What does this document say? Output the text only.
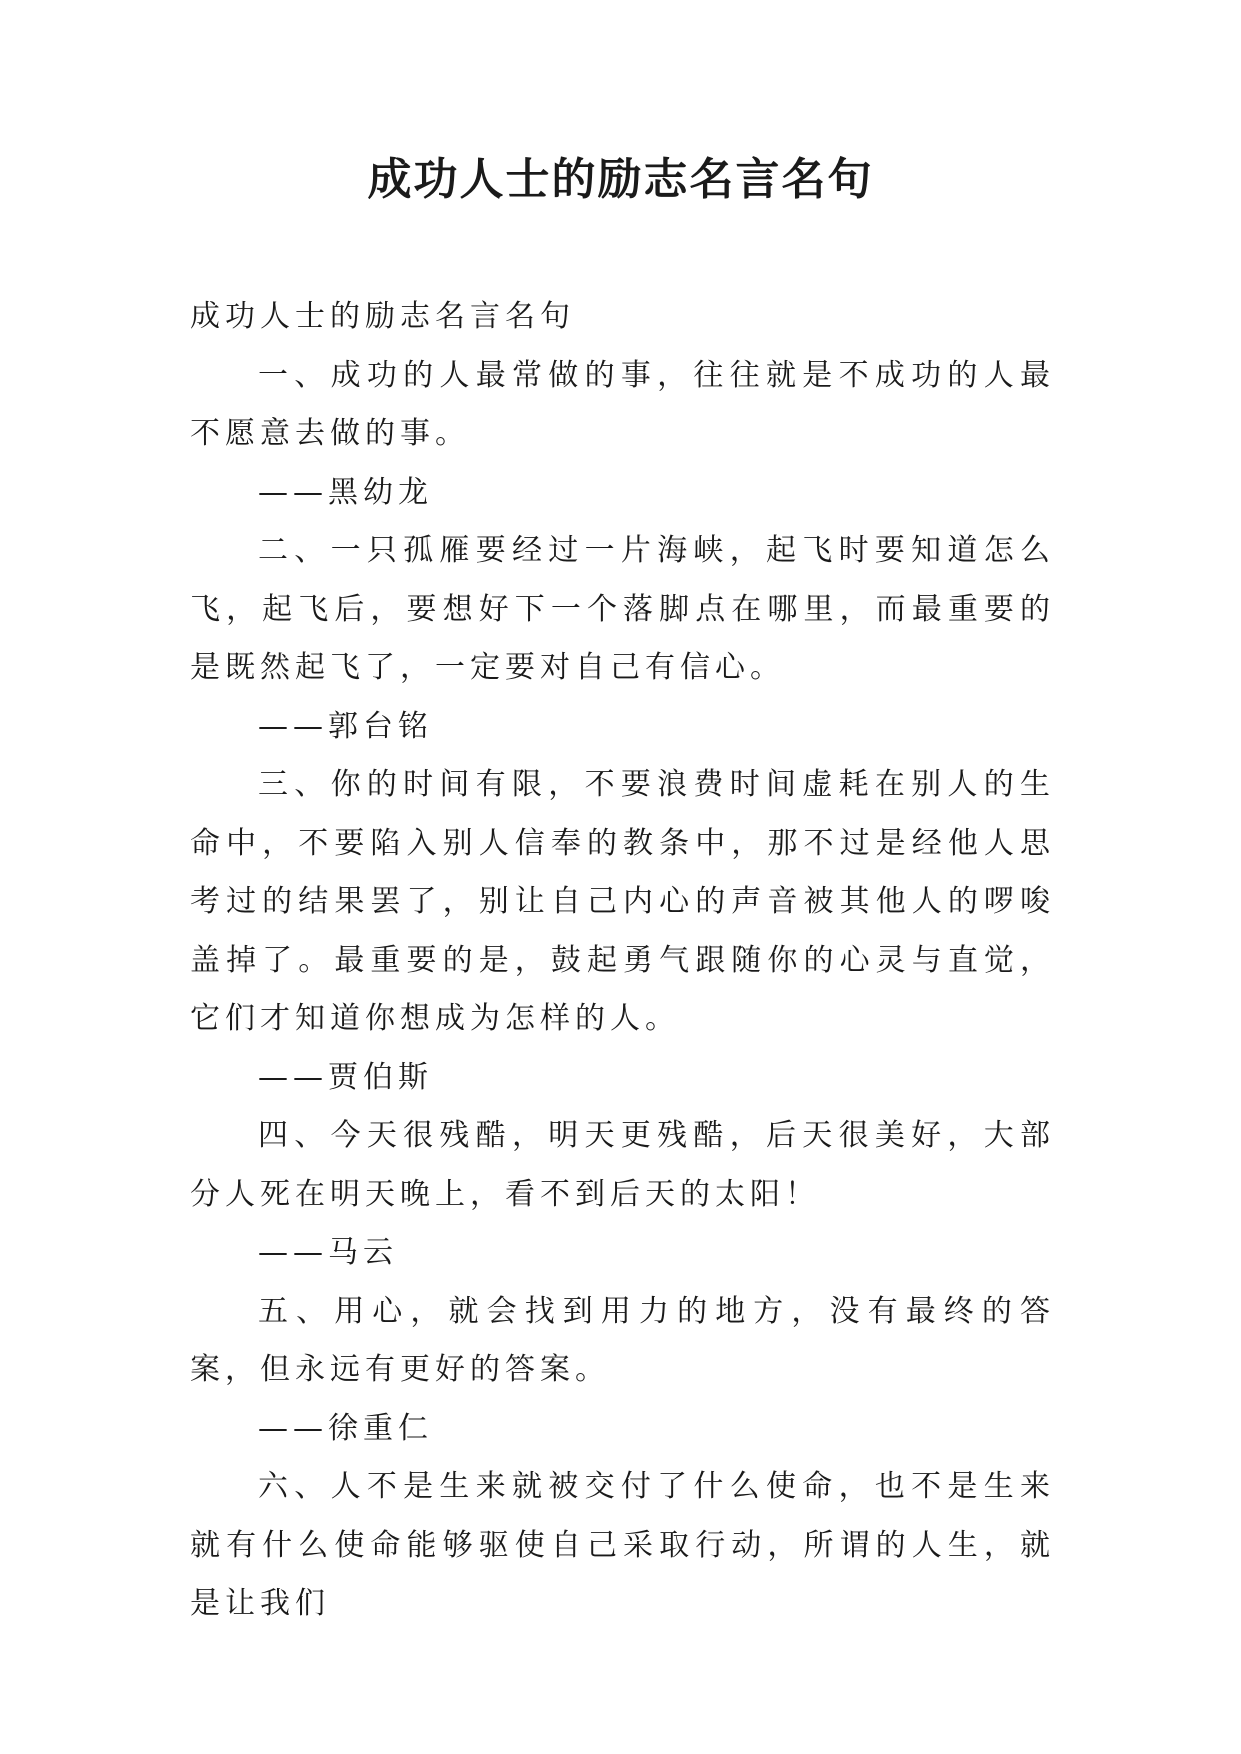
成功人士的励志名言名句

成功人士的励志名言名句

一、成功的人最常做的事，往往就是不成功的人最不愿意去做的事。

——黑幼龙

二、一只孤雁要经过一片海峡，起飞时要知道怎么飞，起飞后，要想好下一个落脚点在哪里，而最重要的是既然起飞了，一定要对自己有信心。

——郭台铭

三、你的时间有限，不要浪费时间虚耗在别人的生命中，不要陷入别人信奉的教条中，那不过是经他人思考过的结果罢了，别让自己内心的声音被其他人的啰唆盖掉了。最重要的是，鼓起勇气跟随你的心灵与直觉，它们才知道你想成为怎样的人。

——贾伯斯

四、今天很残酷，明天更残酷，后天很美好，大部分人死在明天晚上，看不到后天的太阳！

——马云

五、用心，就会找到用力的地方，没有最终的答案，但永远有更好的答案。

——徐重仁

六、人不是生来就被交付了什么使命，也不是生来就有什么使命能够驱使自己采取行动，所谓的人生，就是让我们
